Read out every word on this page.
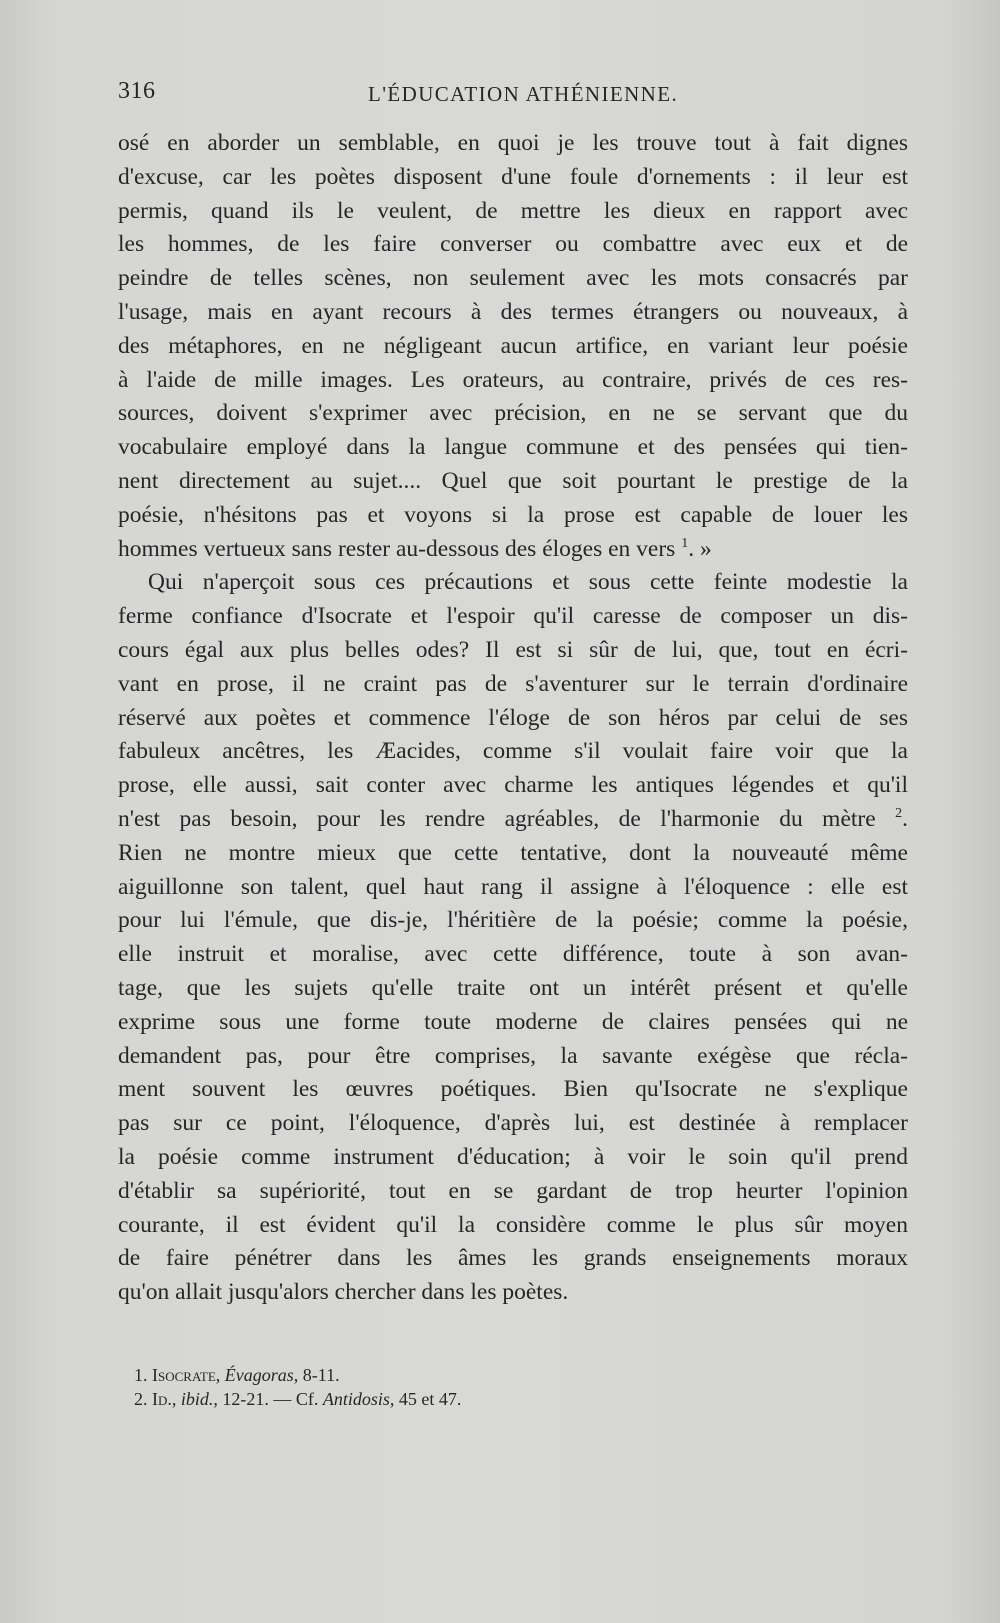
316	L'ÉDUCATION ATHÉNIENNE.
osé en aborder un semblable, en quoi je les trouve tout à fait dignes
d'excuse, car les poètes disposent d'une foule d'ornements : il leur est
permis, quand ils le veulent, de mettre les dieux en rapport avec
les hommes, de les faire converser ou combattre avec eux et de
peindre de telles scènes, non seulement avec les mots consacrés par
l'usage, mais en ayant recours à des termes étrangers ou nouveaux, à
des métaphores, en ne négligeant aucun artifice, en variant leur poésie
à l'aide de mille images. Les orateurs, au contraire, privés de ces res-
sources, doivent s'exprimer avec précision, en ne se servant que du
vocabulaire employé dans la langue commune et des pensées qui tien-
nent directement au sujet.... Quel que soit pourtant le prestige de la
poésie, n'hésitons pas et voyons si la prose est capable de louer les
hommes vertueux sans rester au-dessous des éloges en vers $^1$. »
Qui n'aperçoit sous ces précautions et sous cette feinte modestie la
ferme confiance d'Isocrate et l'espoir qu'il caresse de composer un dis-
cours égal aux plus belles odes? Il est si sûr de lui, que, tout en écri-
vant en prose, il ne craint pas de s'aventurer sur le terrain d'ordinaire
réservé aux poètes et commence l'éloge de son héros par celui de ses
fabuleux ancêtres, les Æacides, comme s'il voulait faire voir que la
prose, elle aussi, sait conter avec charme les antiques légendes et qu'il
n'est pas besoin, pour les rendre agréables, de l'harmonie du mètre $^2$.
Rien ne montre mieux que cette tentative, dont la nouveauté même
aiguillonne son talent, quel haut rang il assigne à l'éloquence : elle est
pour lui l'émule, que dis-je, l'héritière de la poésie; comme la poésie,
elle instruit et moralise, avec cette différence, toute à son avan-
tage, que les sujets qu'elle traite ont un intérêt présent et qu'elle
exprime sous une forme toute moderne de claires pensées qui ne
demandent pas, pour être comprises, la savante exégèse que récla-
ment souvent les œuvres poétiques. Bien qu'Isocrate ne s'explique
pas sur ce point, l'éloquence, d'après lui, est destinée à remplacer
la poésie comme instrument d'éducation; à voir le soin qu'il prend
d'établir sa supériorité, tout en se gardant de trop heurter l'opinion
courante, il est évident qu'il la considère comme le plus sûr moyen
de faire pénétrer dans les âmes les grands enseignements moraux
qu'on allait jusqu'alors chercher dans les poètes.
1. Isocrate, Évagoras, 8-11.
2. Id., ibid., 12-21. — Cf. Antidosis, 45 et 47.
